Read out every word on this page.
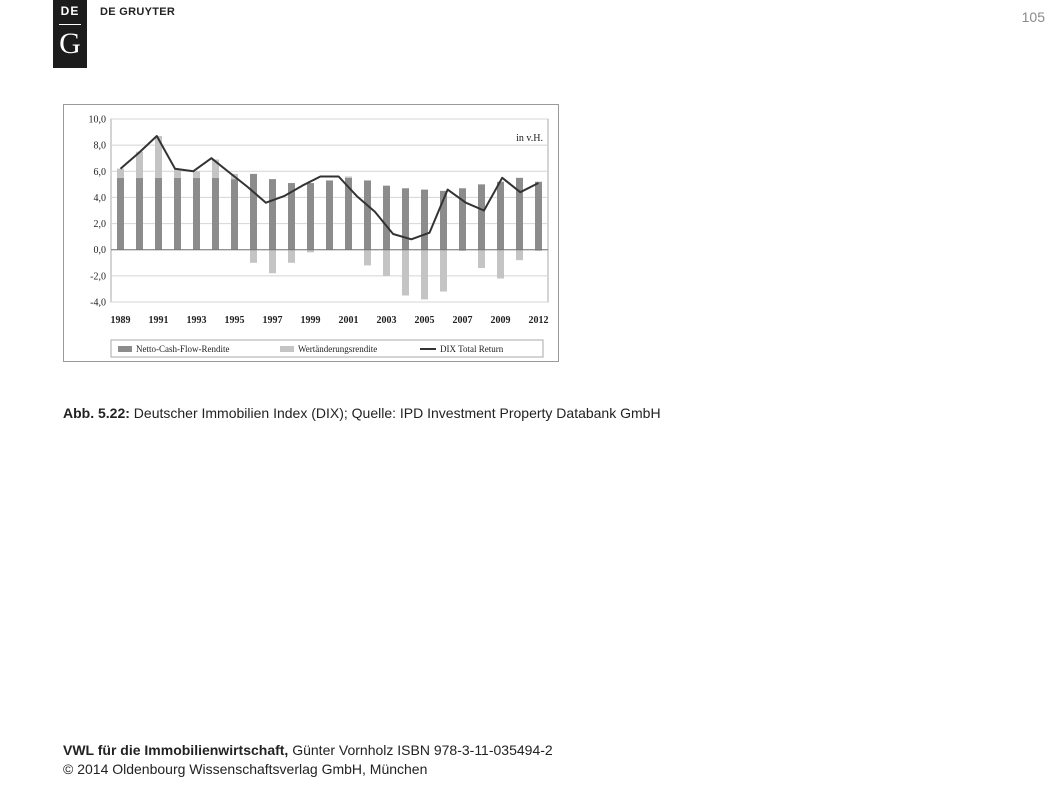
DE
G
DE GRUYTER	105
10,0
8,0
6,0
4,0
2,0
0,0
-2,0
-4,0
1989 1991 1993 1995 1997 1999 2001 2003 2005 2007 2009 2012
in v.H.
Netto-Cash-Flow-Rendite	Wertänderungsrendite	DIX Total Return
Abb. 5.22: Deutscher Immobilien Index (DIX); Quelle: IPD Investment Property Databank GmbH
VWL für die Immobilienwirtschaft, Günter Vornholz ISBN 978-3-11-035494-2
© 2014 Oldenbourg Wissenschaftsverlag GmbH, München
